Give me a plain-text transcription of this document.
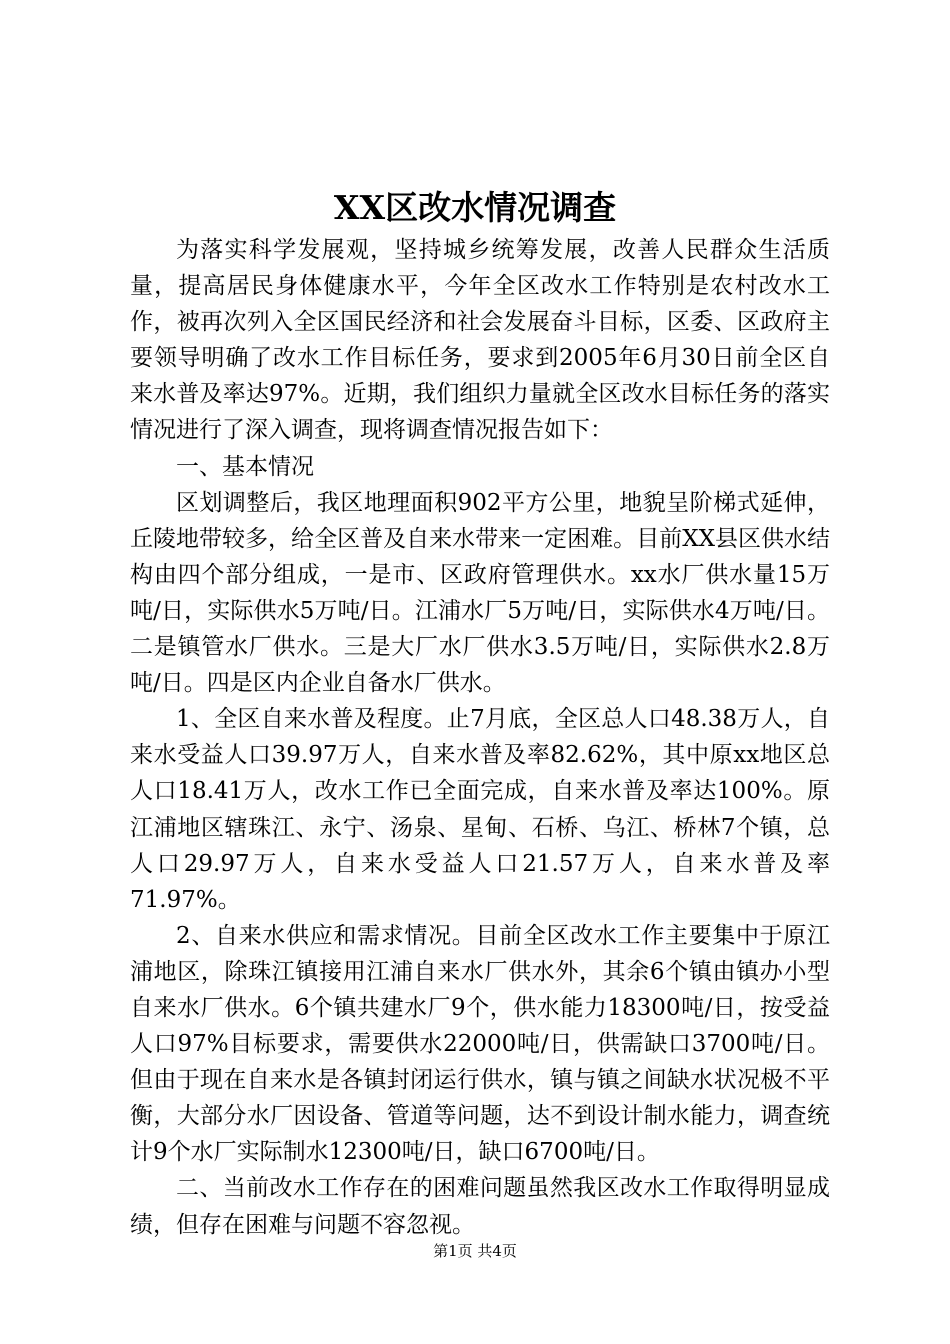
XX区改水情况调查

为落实科学发展观，坚持城乡统筹发展，改善人民群众生活质量，提高居民身体健康水平，今年全区改水工作特别是农村改水工作，被再次列入全区国民经济和社会发展奋斗目标，区委、区政府主要领导明确了改水工作目标任务，要求到2005年6月30日前全区自来水普及率达97%。近期，我们组织力量就全区改水目标任务的落实情况进行了深入调查，现将调查情况报告如下：

一、基本情况

区划调整后，我区地理面积902平方公里，地貌呈阶梯式延伸，丘陵地带较多，给全区普及自来水带来一定困难。目前XX县区供水结构由四个部分组成，一是市、区政府管理供水。xx水厂供水量15万吨/日，实际供水5万吨/日。江浦水厂5万吨/日，实际供水4万吨/日。二是镇管水厂供水。三是大厂水厂供水3.5万吨/日，实际供水2.8万吨/日。四是区内企业自备水厂供水。

1、全区自来水普及程度。止7月底，全区总人口48.38万人，自来水受益人口39.97万人，自来水普及率82.62%，其中原xx地区总人口18.41万人，改水工作已全面完成，自来水普及率达100%。原江浦地区辖珠江、永宁、汤泉、星甸、石桥、乌江、桥林7个镇，总人口29.97万人，自来水受益人口21.57万人，自来水普及率71.97%。

2、自来水供应和需求情况。目前全区改水工作主要集中于原江浦地区，除珠江镇接用江浦自来水厂供水外，其余6个镇由镇办小型自来水厂供水。6个镇共建水厂9个，供水能力18300吨/日，按受益人口97%目标要求，需要供水22000吨/日，供需缺口3700吨/日。但由于现在自来水是各镇封闭运行供水，镇与镇之间缺水状况极不平衡，大部分水厂因设备、管道等问题，达不到设计制水能力，调查统计9个水厂实际制水12300吨/日，缺口6700吨/日。

二、当前改水工作存在的困难问题虽然我区改水工作取得明显成绩，但存在困难与问题不容忽视。

第1页 共4页
